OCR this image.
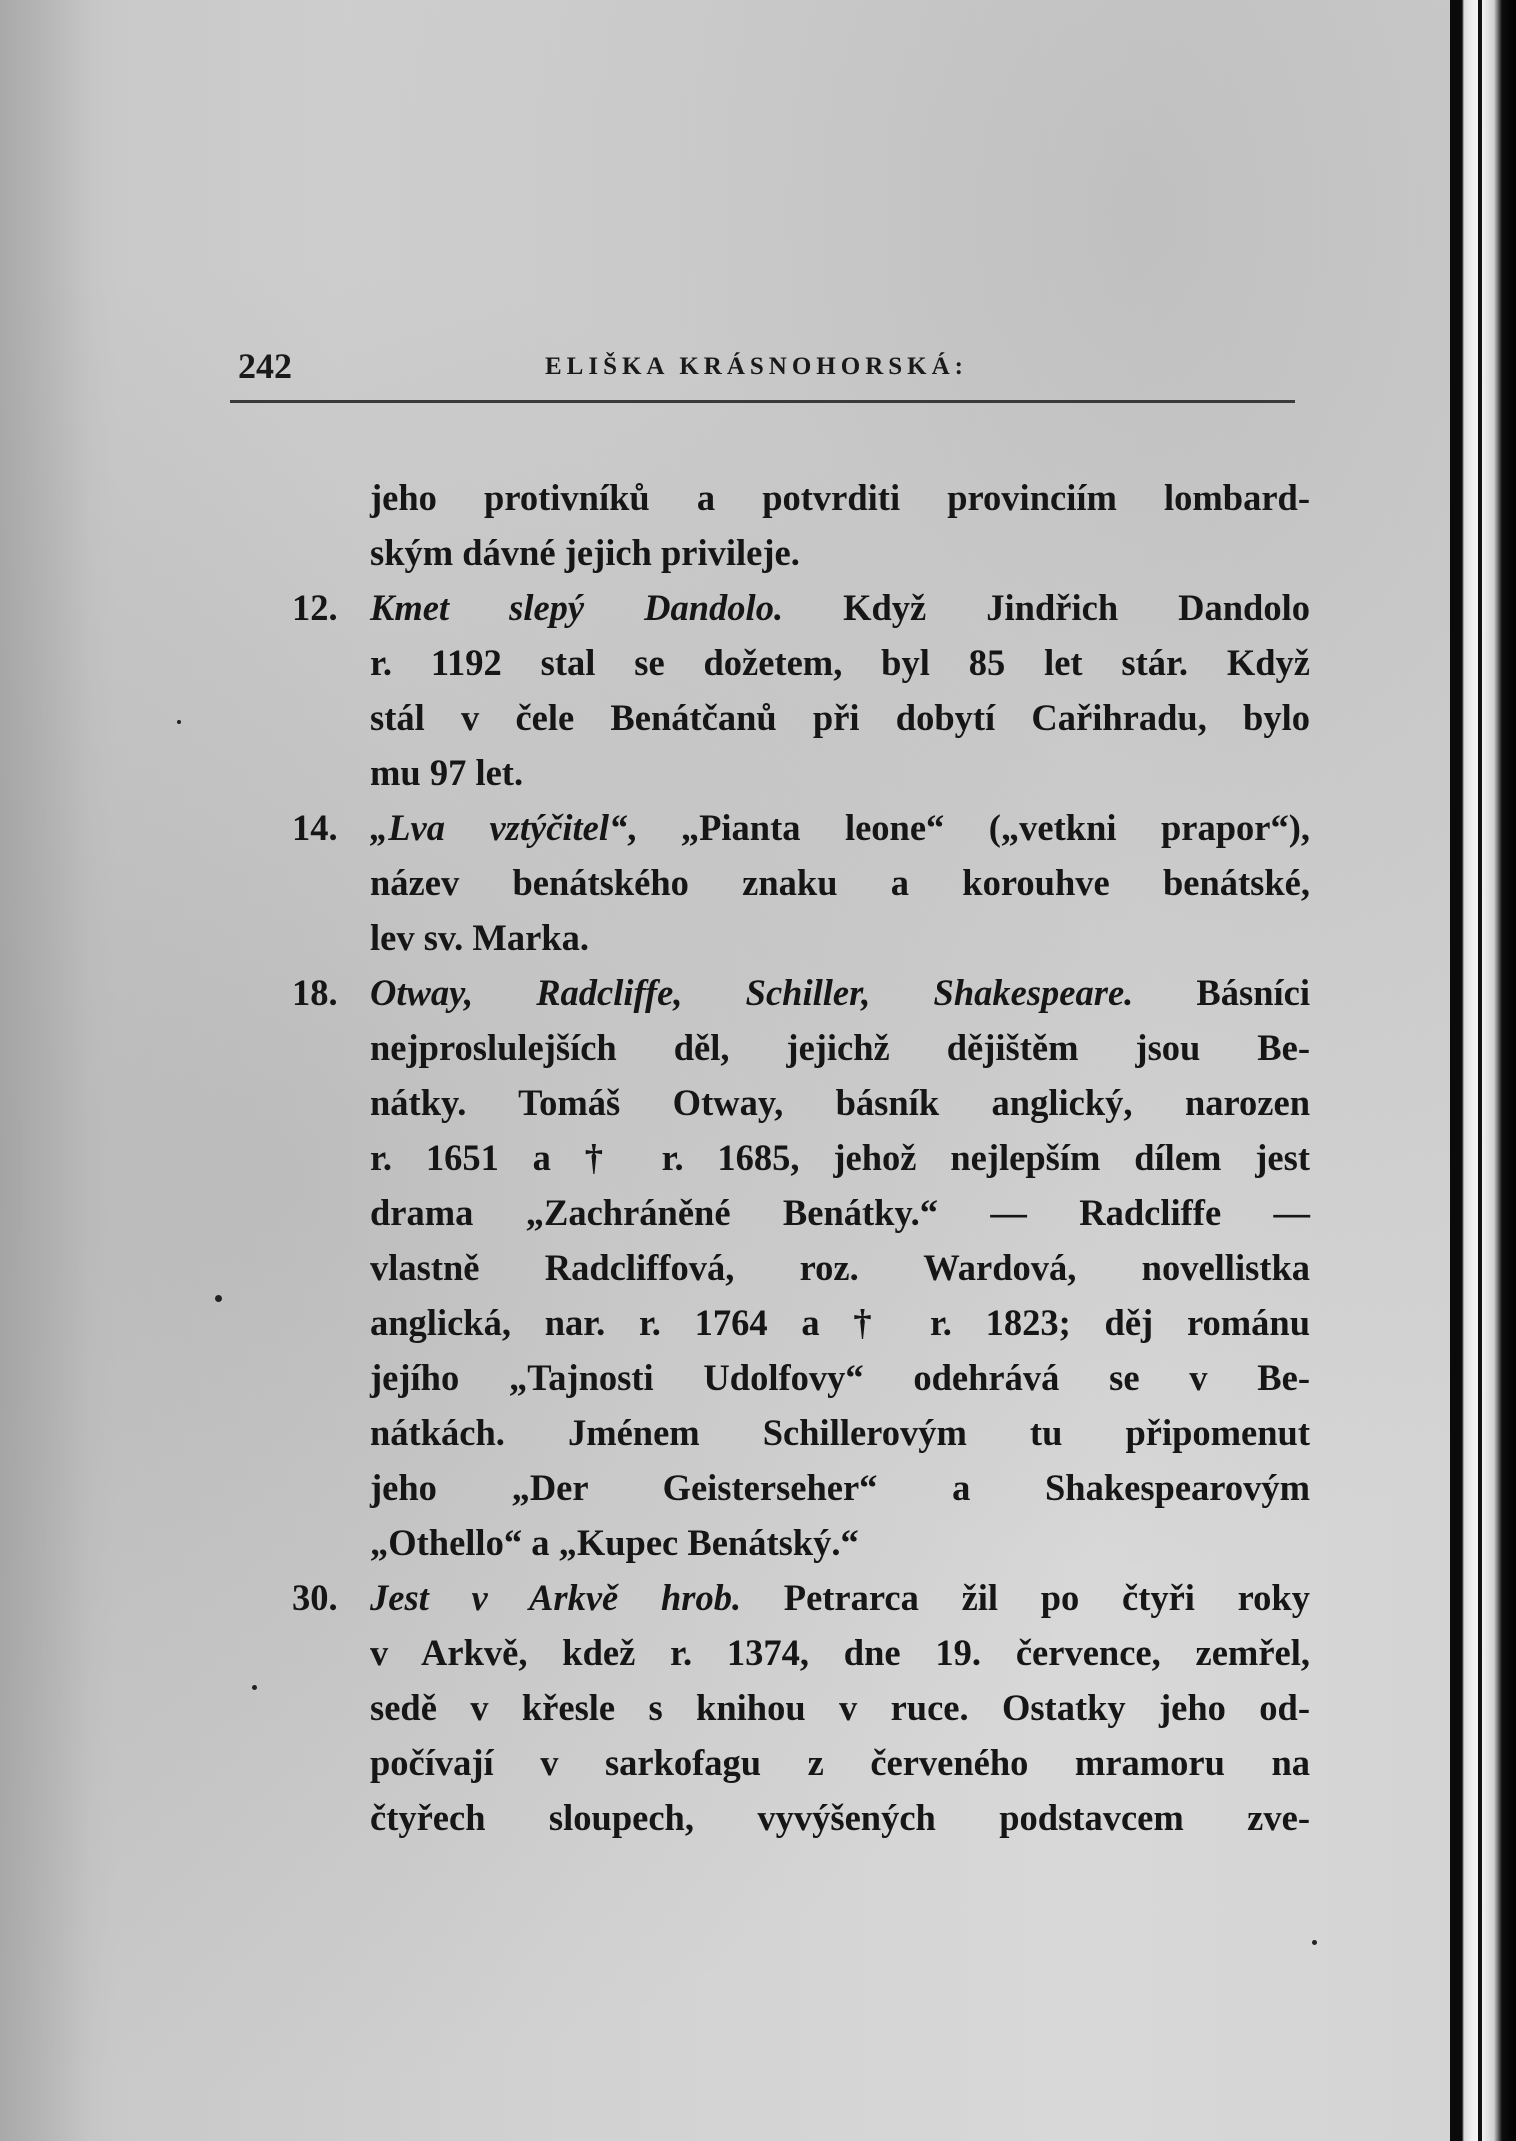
242	ELIŠKA KRÁSNOHORSKÁ:
jeho protivníků a potvrditi provinciím lombard-
ským dávné jejich privileje.
12. Kmet slepý Dandolo. Když Jindřich Dandolo
r. 1192 stal se dožetem, byl 85 let stár. Když
stál v čele Benátčanů při dobytí Cařihradu, bylo
mu 97 let.
14. „Lva vztýčitel“, „Pianta leone“ („vetkni prapor“),
název benátského znaku a korouhve benátské,
lev sv. Marka.
18. Otway, Radcliffe, Schiller, Shakespeare. Básníci
nejproslulejších děl, jejichž dějištěm jsou Be-
nátky. Tomáš Otway, básník anglický, narozen
r. 1651 a † r. 1685, jehož nejlepším dílem jest
drama „Zachráněné Benátky.“ — Radcliffe —
vlastně Radcliffová, roz. Wardová, novellistka
anglická, nar. r. 1764 a † r. 1823; děj románu
jejího „Tajnosti Udolfovy“ odehrává se v Be-
nátkách. Jménem Schillerovým tu připomenut
jeho „Der Geisterseher“ a Shakespearovým
„Othello“ a „Kupec Benátský.“
30. Jest v Arkvě hrob. Petrarca žil po čtyři roky
v Arkvě, kdež r. 1374, dne 19. července, zemřel,
sedě v křesle s knihou v ruce. Ostatky jeho od-
počívají v sarkofagu z červeného mramoru na
čtyřech sloupech, vyvýšených podstavcem zve-
